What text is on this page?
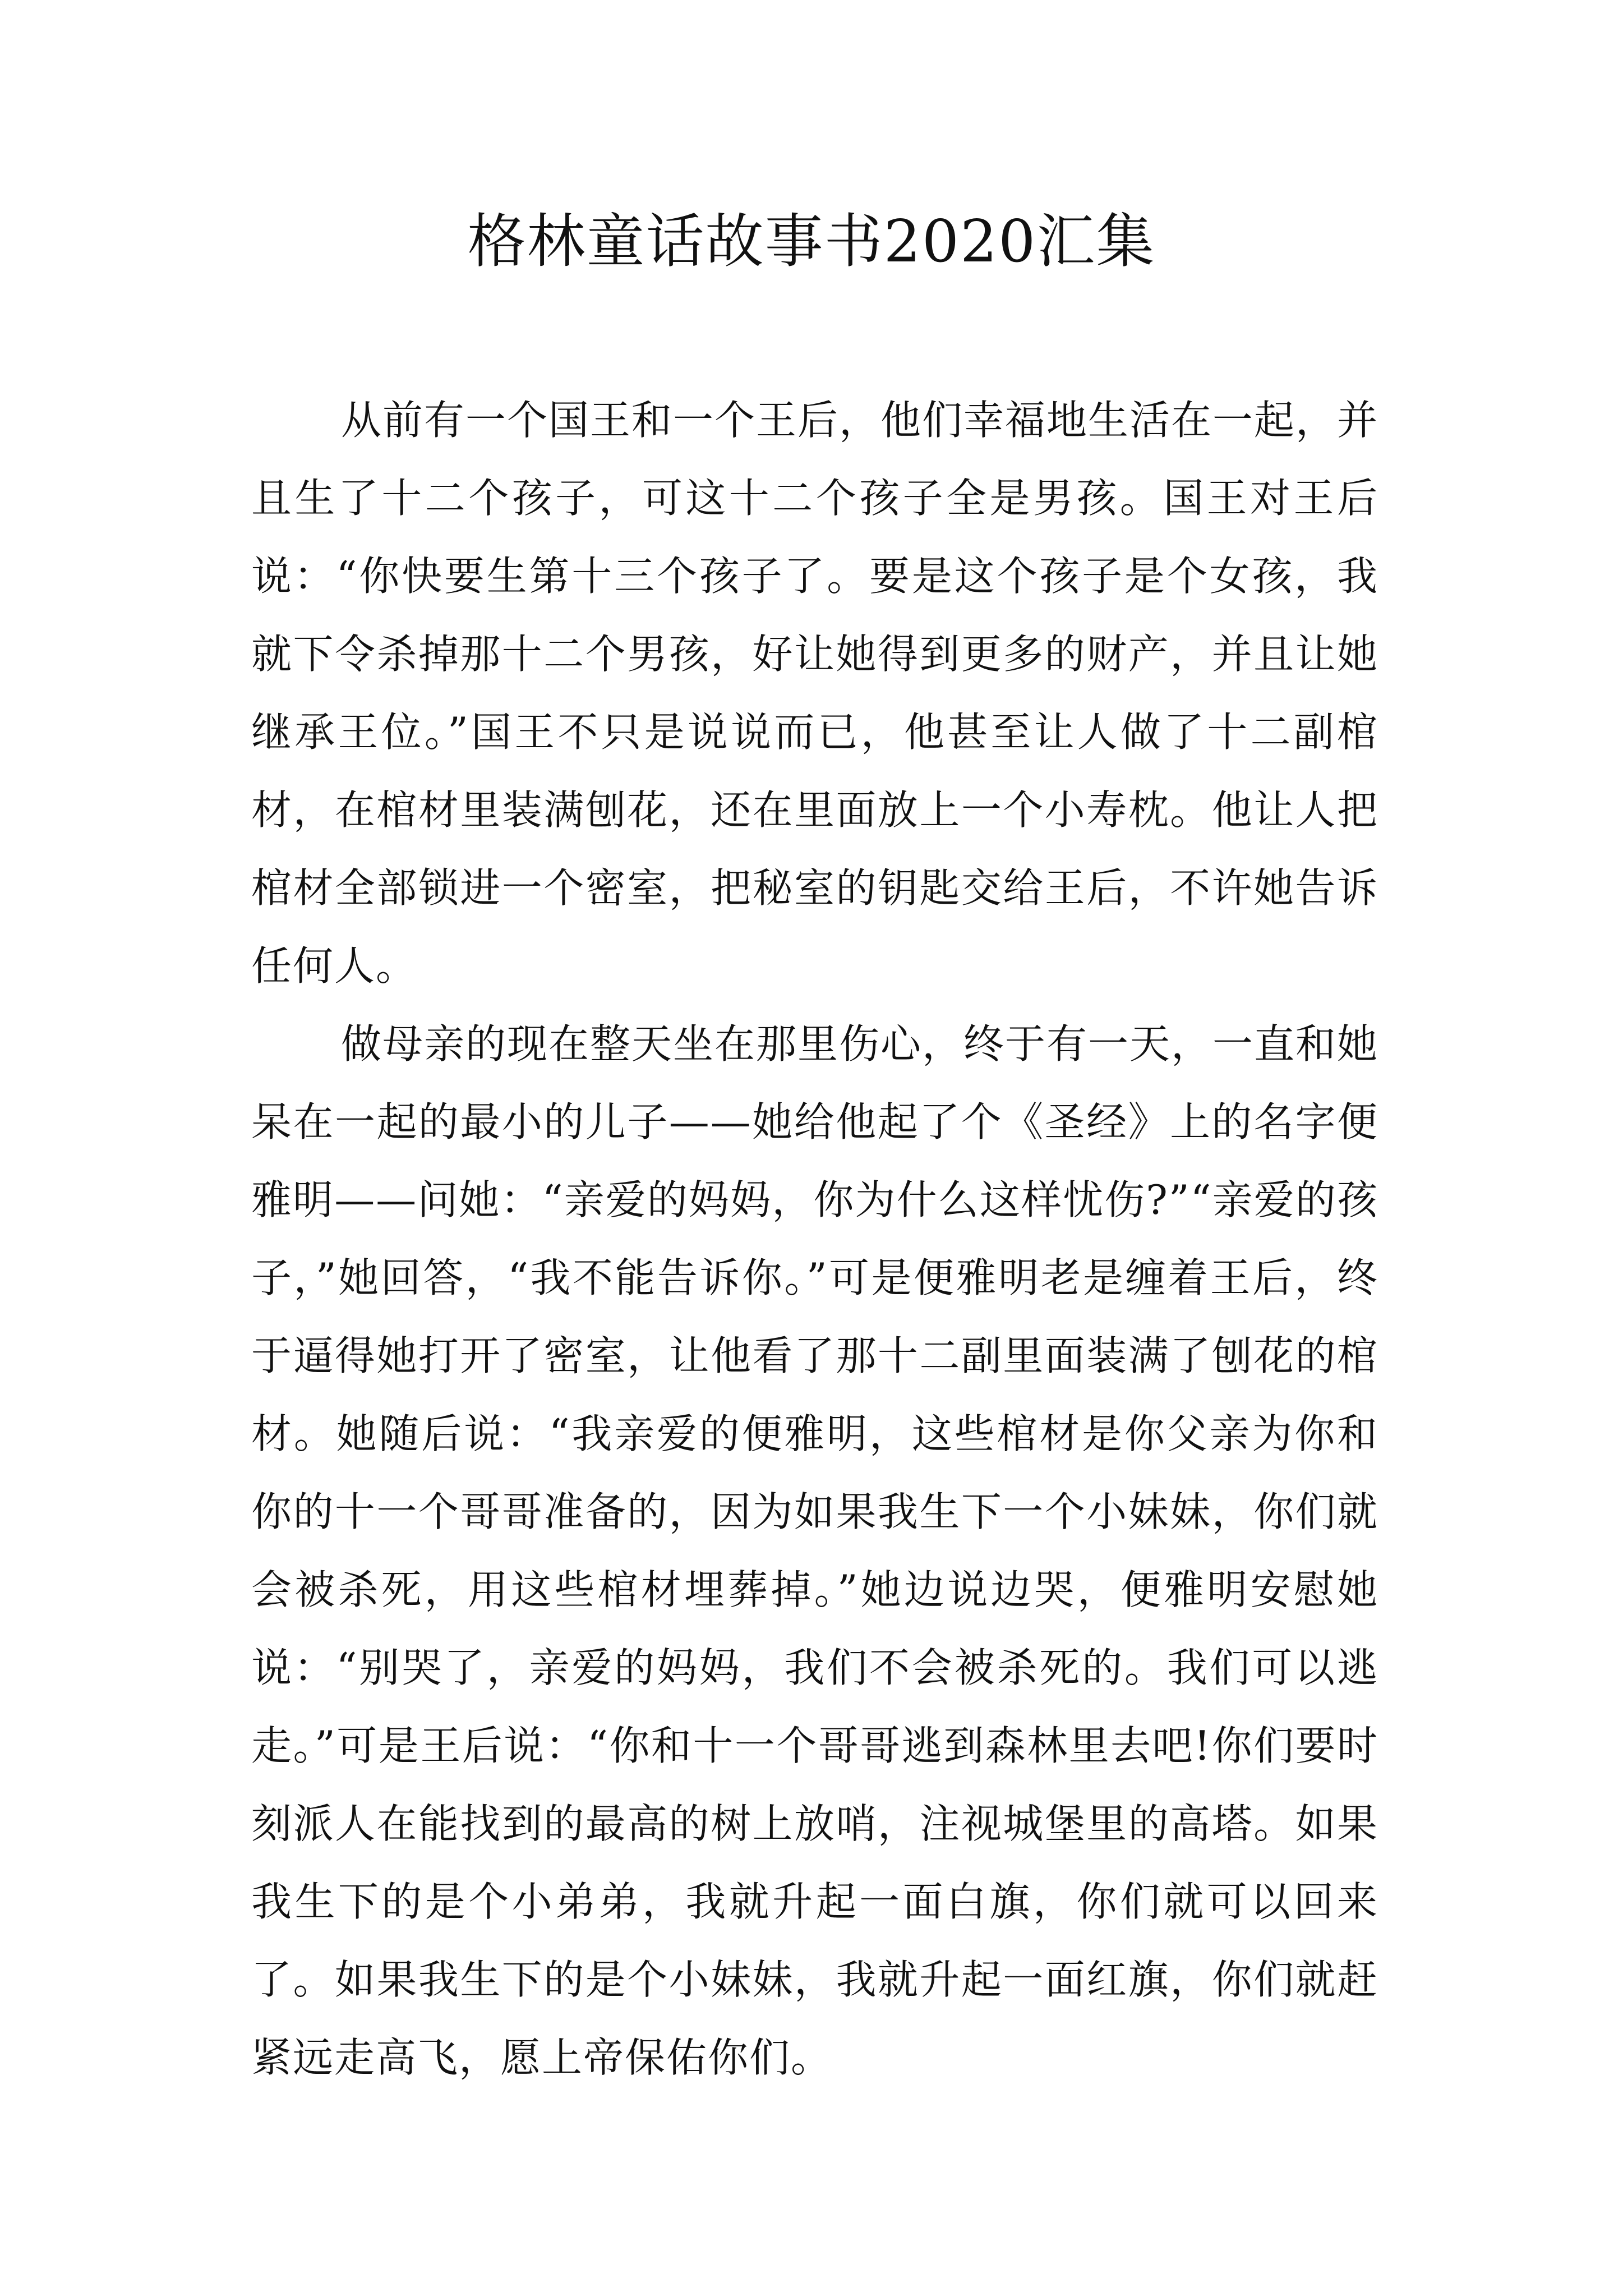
格林童话故事书2020汇集

从前有一个国王和一个王后，他们幸福地生活在一起，并且生了十二个孩子，可这十二个孩子全是男孩。国王对王后说：“你快要生第十三个孩子了。要是这个孩子是个女孩，我就下令杀掉那十二个男孩，好让她得到更多的财产，并且让她继承王位。”国王不只是说说而已，他甚至让人做了十二副棺材，在棺材里装满刨花，还在里面放上一个小寿枕。他让人把棺材全部锁进一个密室，把秘室的钥匙交给王后，不许她告诉任何人。

做母亲的现在整天坐在那里伤心，终于有一天，一直和她呆在一起的最小的儿子——她给他起了个《圣经》上的名字便雅明——问她：“亲爱的妈妈，你为什么这样忧伤?”“亲爱的孩子，”她回答，“我不能告诉你。”可是便雅明老是缠着王后，终于逼得她打开了密室，让他看了那十二副里面装满了刨花的棺材。她随后说：“我亲爱的便雅明，这些棺材是你父亲为你和你的十一个哥哥准备的，因为如果我生下一个小妹妹，你们就会被杀死，用这些棺材埋葬掉。”她边说边哭，便雅明安慰她说：“别哭了，亲爱的妈妈，我们不会被杀死的。我们可以逃走。”可是王后说：“你和十一个哥哥逃到森林里去吧!你们要时刻派人在能找到的最高的树上放哨，注视城堡里的高塔。如果我生下的是个小弟弟，我就升起一面白旗，你们就可以回来了。如果我生下的是个小妹妹，我就升起一面红旗，你们就赶紧远走高飞，愿上帝保佑你们。
